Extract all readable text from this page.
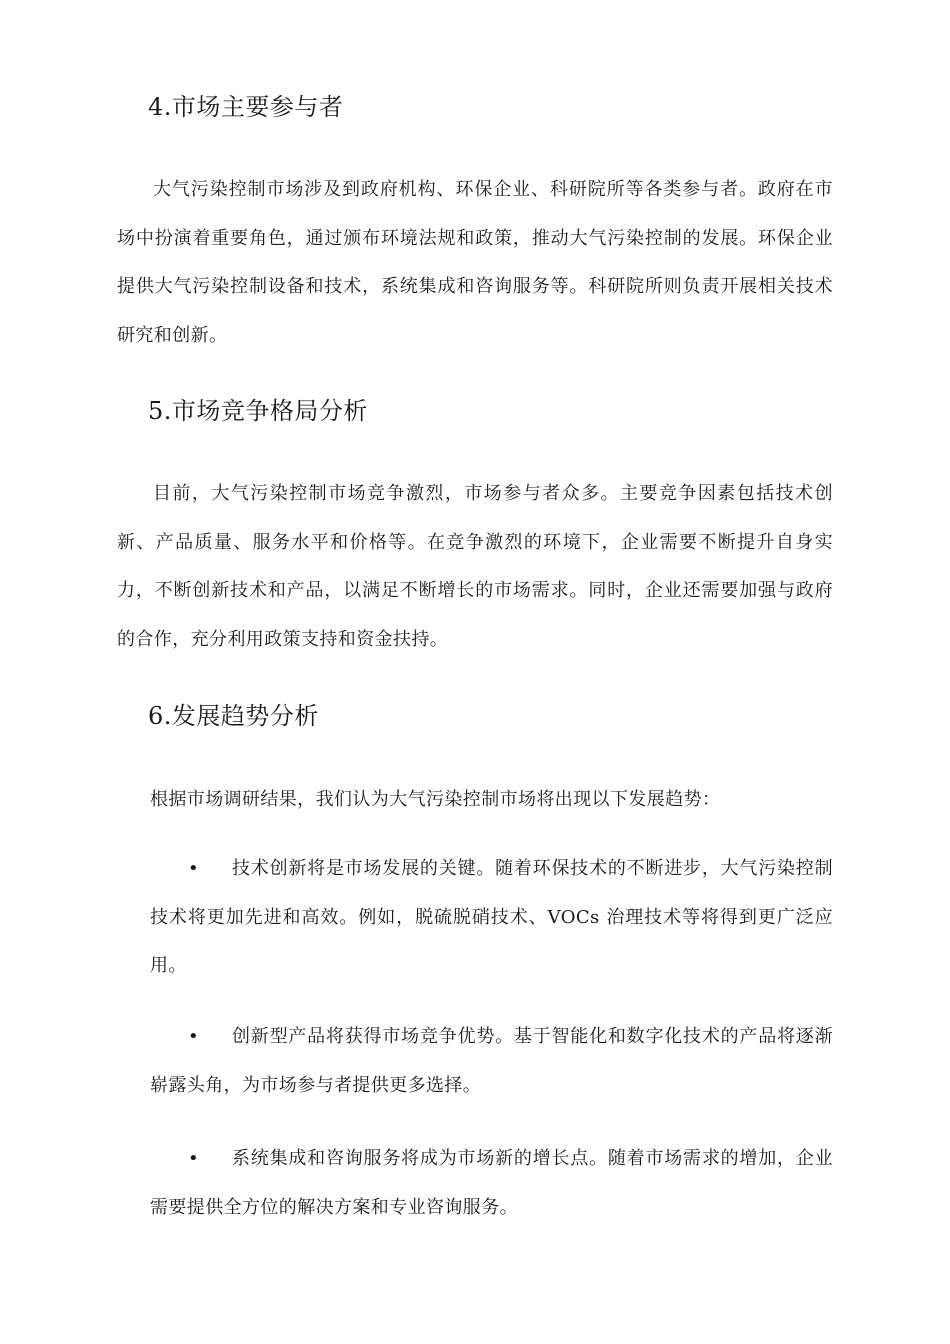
4.市场主要参与者

大气污染控制市场涉及到政府机构、环保企业、科研院所等各类参与者。政府在市场中扮演着重要角色，通过颁布环境法规和政策，推动大气污染控制的发展。环保企业提供大气污染控制设备和技术，系统集成和咨询服务等。科研院所则负责开展相关技术研究和创新。

5.市场竞争格局分析

目前，大气污染控制市场竞争激烈，市场参与者众多。主要竞争因素包括技术创新、产品质量、服务水平和价格等。在竞争激烈的环境下，企业需要不断提升自身实力，不断创新技术和产品，以满足不断增长的市场需求。同时，企业还需要加强与政府的合作，充分利用政策支持和资金扶持。

6.发展趋势分析

根据市场调研结果，我们认为大气污染控制市场将出现以下发展趋势：

•	技术创新将是市场发展的关键。随着环保技术的不断进步，大气污染控制技术将更加先进和高效。例如，脱硫脱硝技术、VOCs 治理技术等将得到更广泛应用。

•	创新型产品将获得市场竞争优势。基于智能化和数字化技术的产品将逐渐崭露头角，为市场参与者提供更多选择。

•	系统集成和咨询服务将成为市场新的增长点。随着市场需求的增加，企业需要提供全方位的解决方案和专业咨询服务。
